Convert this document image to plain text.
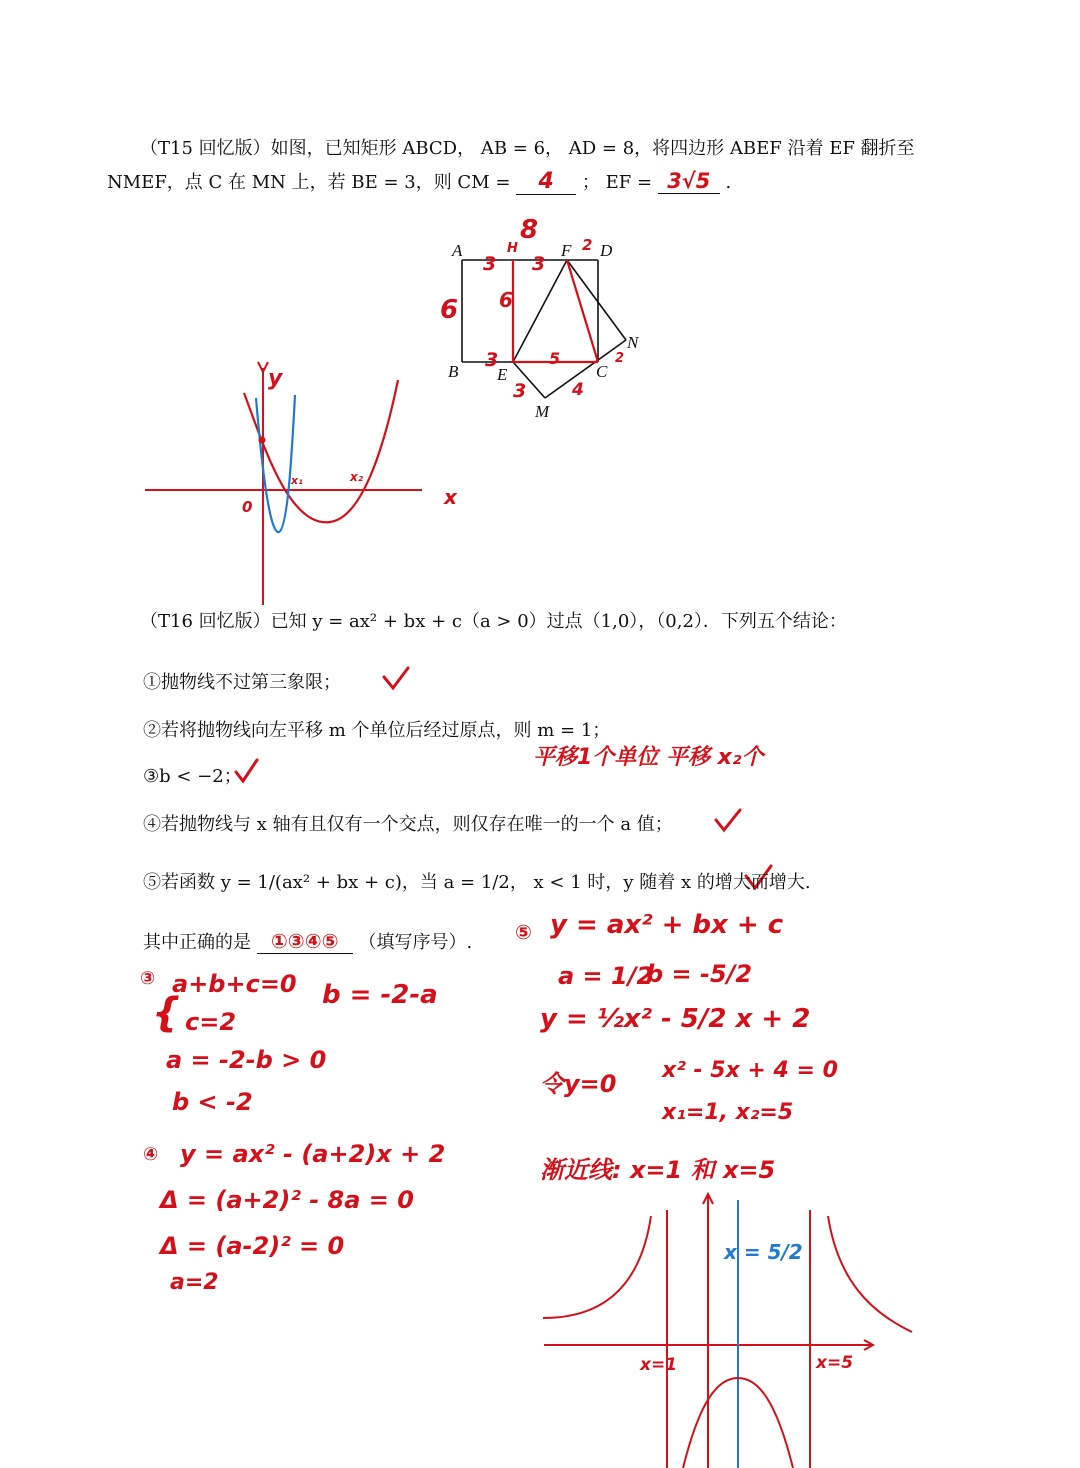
（T15 回忆版）如图，已知矩形 ABCD， AB = 6， AD = 8，将四边形 ABEF 沿着 EF 翻折至
NMEF，点 C 在 MN 上，若 BE = 3，则 CM = 4 ； EF = 3√5 .
A
B	C
D
E
F
M
N
8
3
H
3
2
6 6
3	5
3	4
2
y
x
0
x₁	x₂
x=1	x=5
（T16 回忆版）已知 y = ax² + bx + c（a > 0）过点（1,0），（0,2）．下列五个结论：
①抛物线不过第三象限；
②若将抛物线向左平移 m 个单位后经过原点，则 m = 1；
平移1个单位 平移 x₂个
③b < −2；
④若抛物线与 x 轴有且仅有一个交点，则仅存在唯一的一个 a 值；
⑤若函数 y = 1/(ax² + bx + c)，当 a = 1/2， x < 1 时，y 随着 x 的增大而增大.
其中正确的是 ①③④⑤ （填写序号）.
③ a+b+c=0
{ c=2
b = -2-a
a = -2-b > 0
b < -2
④ y = ax² - (a+2)x + 2
Δ = (a+2)² - 8a = 0
Δ = (a-2)² = 0
a=2
⑤ y = ax² + bx + c
a = 1/2
b = -5/2
y = ½x² - 5/2 x + 2
令y=0 x² - 5x + 4 = 0
x₁=1, x₂=5
渐近线: x=1 和 x=5
x = 5/2
